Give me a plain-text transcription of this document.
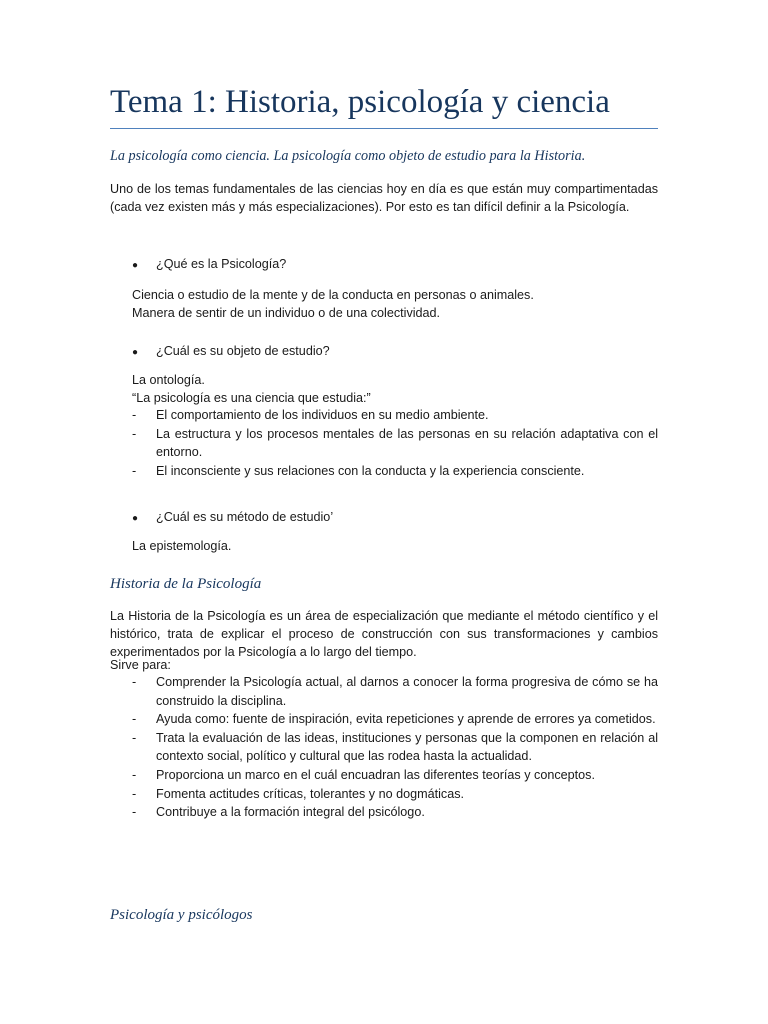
Tema 1: Historia, psicología y ciencia

La psicología como ciencia. La psicología como objeto de estudio para la Historia.

Uno de los temas fundamentales de las ciencias hoy en día es que están muy compartimentadas (cada vez existen más y más especializaciones). Por esto es tan difícil definir a la Psicología.

● ¿Qué es la Psicología?

Ciencia o estudio de la mente y de la conducta en personas o animales.
Manera de sentir de un individuo o de una colectividad.

● ¿Cuál es su objeto de estudio?

La ontología.
“La psicología es una ciencia que estudia:”
- El comportamiento de los individuos en su medio ambiente.
- La estructura y los procesos mentales de las personas en su relación adaptativa con el entorno.
- El inconsciente y sus relaciones con la conducta y la experiencia consciente.

● ¿Cuál es su método de estudio’

La epistemología.

Historia de la Psicología

La Historia de la Psicología es un área de especialización que mediante el método científico y el histórico, trata de explicar el proceso de construcción con sus transformaciones y cambios experimentados por la Psicología a lo largo del tiempo.

Sirve para:

- Comprender la Psicología actual, al darnos a conocer la forma progresiva de cómo se ha construido la disciplina.
- Ayuda como: fuente de inspiración, evita repeticiones y aprende de errores ya cometidos.
- Trata la evaluación de las ideas, instituciones y personas que la componen en relación al contexto social, político y cultural que las rodea hasta la actualidad.
- Proporciona un marco en el cuál encuadran las diferentes teorías y conceptos.
- Fomenta actitudes críticas, tolerantes y no dogmáticas.
- Contribuye a la formación integral del psicólogo.

Psicología y psicólogos
